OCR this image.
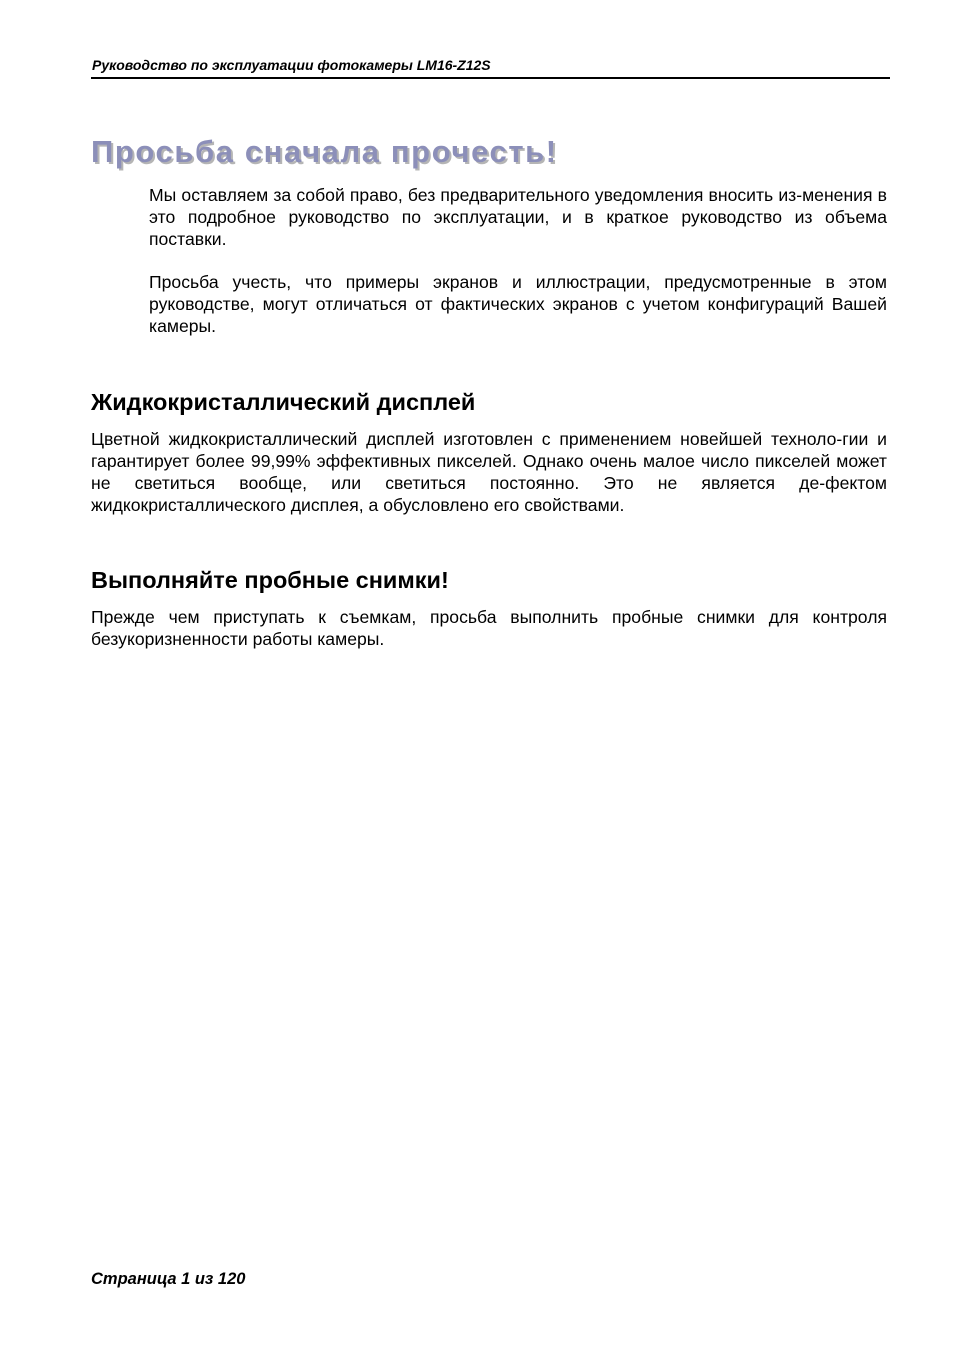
Руководство по эксплуатации фотокамеры LM16-Z12S
Просьба сначала прочесть!

Мы оставляем за собой право, без предварительного уведомления вносить из-менения в это подробное руководство по эксплуатации, и в краткое руководство из объема поставки.

Просьба учесть, что примеры экранов и иллюстрации, предусмотренные в этом руководстве, могут отличаться от фактических экранов с учетом конфигураций Вашей камеры.

Жидкокристаллический дисплей

Цветной жидкокристаллический дисплей изготовлен с применением новейшей техноло-гии и гарантирует более 99,99% эффективных пикселей. Однако очень малое число пикселей может не светиться вообще, или светиться постоянно. Это не является де-фектом жидкокристаллического дисплея, а обусловлено его свойствами.

Выполняйте пробные снимки!

Прежде чем приступать к съемкам, просьба выполнить пробные снимки для контроля безукоризненности работы камеры.

Страница 1 из 120
